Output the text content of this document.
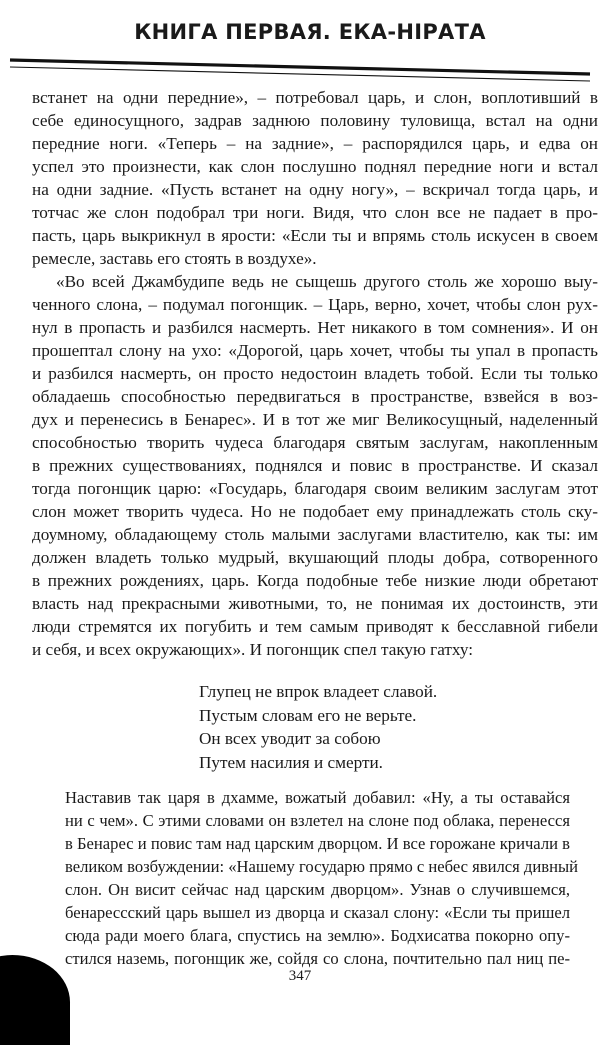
КНИГА ПЕРВАЯ. ЕКА-НІРАТА
встанет на одни передние», – потребовал царь, и слон, воплотивший в
себе единосущного, задрав заднюю половину туловища, встал на одни
передние ноги. «Теперь – на задние», – распорядился царь, и едва он
успел это произнести, как слон послушно поднял передние ноги и встал
на одни задние. «Пусть встанет на одну ногу», – вскричал тогда царь, и
тотчас же слон подобрал три ноги. Видя, что слон все не падает в про-
пасть, царь выкрикнул в ярости: «Если ты и впрямь столь искусен в своем
ремесле, заставь его стоять в воздухе».
«Во всей Джамбудипе ведь не сыщешь другого столь же хорошо выу-
ченного слона, – подумал погонщик. – Царь, верно, хочет, чтобы слон рух-
нул в пропасть и разбился насмерть. Нет никакого в том сомнения». И он
прошептал слону на ухо: «Дорогой, царь хочет, чтобы ты упал в пропасть
и разбился насмерть, он просто недостоин владеть тобой. Если ты только
обладаешь способностью передвигаться в пространстве, взвейся в воз-
дух и перенесись в Бенарес». И в тот же миг Великосущный, наделенный
способностью творить чудеса благодаря святым заслугам, накопленным
в прежних существованиях, поднялся и повис в пространстве. И сказал
тогда погонщик царю: «Государь, благодаря своим великим заслугам этот
слон может творить чудеса. Но не подобает ему принадлежать столь ску-
доумному, обладающему столь малыми заслугами властителю, как ты: им
должен владеть только мудрый, вкушающий плоды добра, сотворенного
в прежних рождениях, царь. Когда подобные тебе низкие люди обретают
власть над прекрасными животными, то, не понимая их достоинств, эти
люди стремятся их погубить и тем самым приводят к бесславной гибели
и себя, и всех окружающих». И погонщик спел такую гатху:
Глупец не впрок владеет славой.
Пустым словам его не верьте.
Он всех уводит за собою
Путем насилия и смерти.
Наставив так царя в дхамме, вожатый добавил: «Ну, а ты оставайся
ни с чем». С этими словами он взлетел на слоне под облака, перенесся
в Бенарес и повис там над царским дворцом. И все горожане кричали в
великом возбуждении: «Нашему государю прямо с небес явился дивный
слон. Он висит сейчас над царским дворцом». Узнав о случившемся,
бенарессский царь вышел из дворца и сказал слону: «Если ты пришел
сюда ради моего блага, спустись на землю». Бодхисатва покорно опу-
стился наземь, погонщик же, сойдя со слона, почтительно пал ниц пе-
347
